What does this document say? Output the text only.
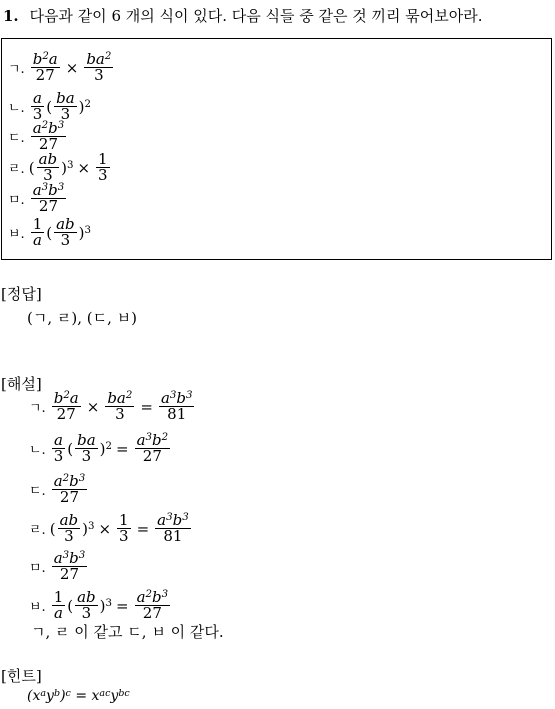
1. 다음과 같이 6 개의 식이 있다. 다음 식들 중 같은 것 끼리 묶어보아라.
ㄱ. $\frac{b^2a}{27} \times \frac{ba^2}{3}$
ㄴ. $\frac{a}{3}$ ( $\frac{ba}{3} )^2$
ㄷ. $\frac{a^2b^3}{27}$
ㄹ. ( $\frac{ab}{3} )^3 \times \frac{1}{3}$
ㅁ. $\frac{a^3b^3}{27}$
ㅂ. $\frac{1}{a}$ ( $\frac{ab}{3} )^3$
[정답]
(ㄱ, ㄹ), (ㄷ, ㅂ)
[해설]
ㄱ. $\frac{b^2a}{27} \times \frac{ba^2}{3} = \frac{a^3b^3}{81}$
ㄴ. $\frac{a}{3}$ ( $\frac{ba}{3} )^2 = \frac{a^3b^2}{27}$
ㄷ. $\frac{a^2b^3}{27}$
ㄹ. ( $\frac{ab}{3} )^3 \times \frac{1}{3} = \frac{a^3b^3}{81}$
ㅁ. $\frac{a^3b^3}{27}$
ㅂ. $\frac{1}{a}$ ( $\frac{ab}{3} )^3 = \frac{a^2b^3}{27}$
ㄱ, ㄹ 이 같고 ㄷ, ㅂ 이 같다.
[힌트]
$(x^ay^b)^c = x^{ac}y^{bc}$
